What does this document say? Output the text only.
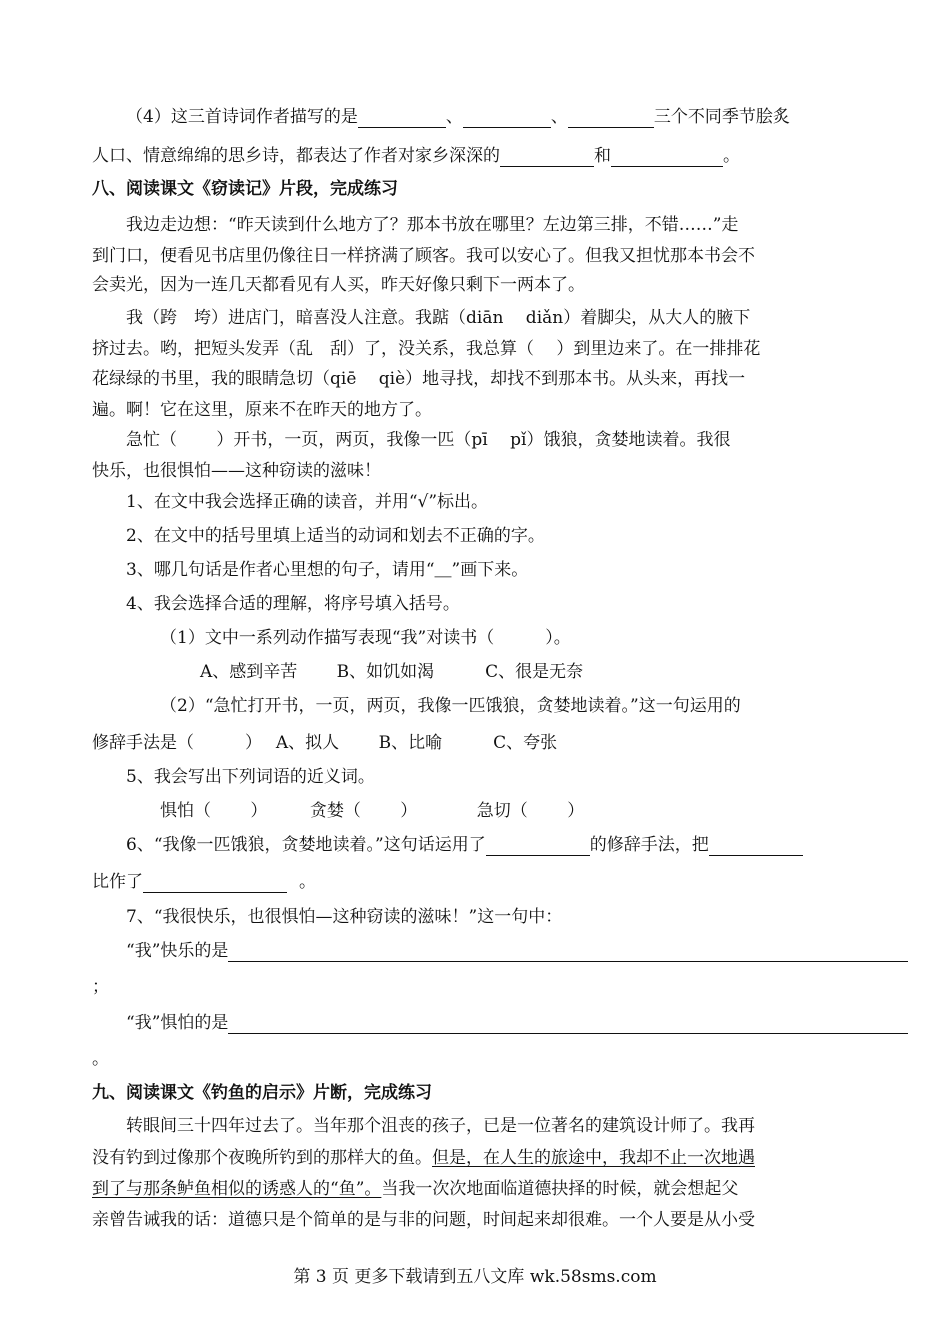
（4）这三首诗词作者描写的是	、	、	三个不同季节脍炙
人口、情意绵绵的思乡诗，都表达了作者对家乡深深的	和	。
八、阅读课文《窃读记》片段，完成练习
我边走边想：“昨天读到什么地方了？那本书放在哪里？左边第三排，不错……”走
到门口，便看见书店里仍像往日一样挤满了顾客。我可以安心了。但我又担忧那本书会不
会卖光，因为一连几天都看见有人买，昨天好像只剩下一两本了。
我（跨　垮）进店门，暗喜没人注意。我踮（diān　 diǎn）着脚尖，从大人的腋下
挤过去。哟，把短头发弄（乱　刮）了，没关系，我总算（　 ）到里边来了。在一排排花
花绿绿的书里，我的眼睛急切（qiē　 qiè）地寻找，却找不到那本书。从头来，再找一
遍。啊！它在这里，原来不在昨天的地方了。
急忙（　　 ）开书，一页，两页，我像一匹（pī　 pǐ）饿狼，贪婪地读着。我很
快乐，也很惧怕——这种窃读的滋味！
1、在文中我会选择正确的读音，并用“√”标出。
2、在文中的括号里填上适当的动词和划去不正确的字。
3、哪几句话是作者心里想的句子，请用“＿”画下来。
4、我会选择合适的理解，将序号填入括号。
（1）文中一系列动作描写表现“我”对读书（　　　）。
A、感到辛苦　　 B、如饥如渴　　　C、很是无奈
（2）“急忙打开书，一页，两页，我像一匹饿狼，贪婪地读着。”这一句运用的
修辞手法是（　　　）　 A、拟人　　 B、比喻　　　C、夸张
5、我会写出下列词语的近义词。
惧怕（　　 ）　　　贪婪（　　 ）　　　　急切（　　 ）
6、“我像一匹饿狼，贪婪地读着。”这句话运用了	的修辞手法，把
比作了	。
7、“我很快乐，也很惧怕—这种窃读的滋味！”这一句中：
“我”快乐的是
；
“我”惧怕的是
。
九、阅读课文《钓鱼的启示》片断，完成练习
转眼间三十四年过去了。当年那个沮丧的孩子，已是一位著名的建筑设计师了。我再
没有钓到过像那个夜晚所钓到的那样大的鱼。但是，在人生的旅途中，我却不止一次地遇
到了与那条鲈鱼相似的诱惑人的“鱼”。当我一次次地面临道德抉择的时候，就会想起父
亲曾告诫我的话：道德只是个简单的是与非的问题，时间起来却很难。一个人要是从小受
第 3 页 更多下载请到五八文库 wk.58sms.com
